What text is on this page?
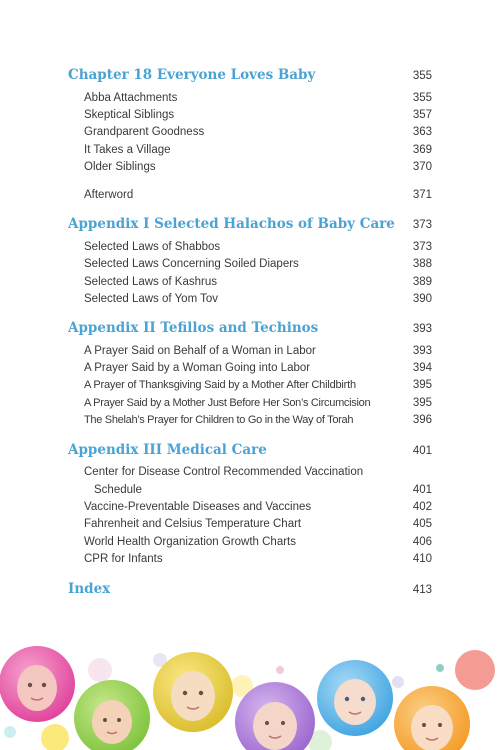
Chapter 18 Everyone Loves Baby	355
Abba Attachments	355
Skeptical Siblings	357
Grandparent Goodness	363
It Takes a Village	369
Older Siblings	370
Afterword	371
Appendix I Selected Halachos of Baby Care 373
Selected Laws of Shabbos	373
Selected Laws Concerning Soiled Diapers	388
Selected Laws of Kashrus	389
Selected Laws of Yom Tov	390
Appendix II Tefillos and Techinos	393
A Prayer Said on Behalf of a Woman in Labor	393
A Prayer Said by a Woman Going into Labor	394
A Prayer of Thanksgiving Said by a Mother After Childbirth	395
A Prayer Said by a Mother Just Before Her Son’s Circumcision	395
The Shelah’s Prayer for Children to Go in the Way of Torah	396
Appendix III Medical Care	401
Center for Disease Control Recommended Vaccination
Schedule	401
Vaccine-Preventable Diseases and Vaccines	402
Fahrenheit and Celsius Temperature Chart	405
World Health Organization Growth Charts	406
CPR for Infants	410
Index	413
